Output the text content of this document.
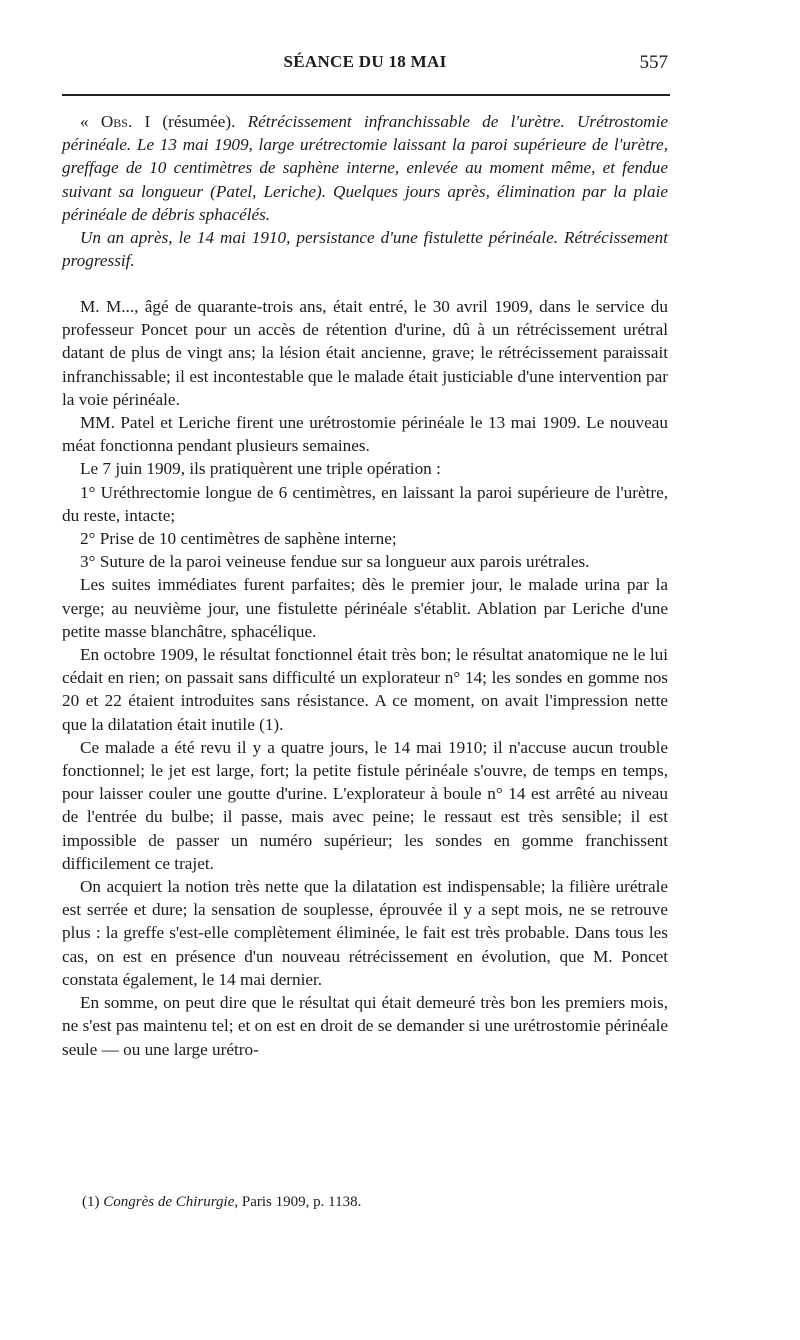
SÉANCE DU 18 MAI	557

« Obs. I (résumée). Rétrécissement infranchissable de l'urètre. Urétrostomie périnéale. Le 13 mai 1909, large urétrectomie laissant la paroi supérieure de l'urètre, greffage de 10 centimètres de saphène interne, enlevée au moment même, et fendue suivant sa longueur (Patel, Leriche). Quelques jours après, élimination par la plaie périnéale de débris sphacélés.

Un an après, le 14 mai 1910, persistance d'une fistulette périnéale. Rétrécissement progressif.

M. M..., âgé de quarante-trois ans, était entré, le 30 avril 1909, dans le service du professeur Poncet pour un accès de rétention d'urine, dû à un rétrécissement urétral datant de plus de vingt ans; la lésion était ancienne, grave; le rétrécissement paraissait infranchissable; il est incontestable que le malade était justiciable d'une intervention par la voie périnéale.

MM. Patel et Leriche firent une urétrostomie périnéale le 13 mai 1909. Le nouveau méat fonctionna pendant plusieurs semaines.

Le 7 juin 1909, ils pratiquèrent une triple opération :

1° Uréthrectomie longue de 6 centimètres, en laissant la paroi supérieure de l'urètre, du reste, intacte;

2° Prise de 10 centimètres de saphène interne;

3° Suture de la paroi veineuse fendue sur sa longueur aux parois urétrales.

Les suites immédiates furent parfaites; dès le premier jour, le malade urina par la verge; au neuvième jour, une fistulette périnéale s'établit. Ablation par Leriche d'une petite masse blanchâtre, sphacélique.

En octobre 1909, le résultat fonctionnel était très bon; le résultat anatomique ne le lui cédait en rien; on passait sans difficulté un explorateur n° 14; les sondes en gomme nos 20 et 22 étaient introduites sans résistance. A ce moment, on avait l'impression nette que la dilatation était inutile (1).

Ce malade a été revu il y a quatre jours, le 14 mai 1910; il n'accuse aucun trouble fonctionnel; le jet est large, fort; la petite fistule périnéale s'ouvre, de temps en temps, pour laisser couler une goutte d'urine. L'explorateur à boule n° 14 est arrêté au niveau de l'entrée du bulbe; il passe, mais avec peine; le ressaut est très sensible; il est impossible de passer un numéro supérieur; les sondes en gomme franchissent difficilement ce trajet.

On acquiert la notion très nette que la dilatation est indispensable; la filière urétrale est serrée et dure; la sensation de souplesse, éprouvée il y a sept mois, ne se retrouve plus : la greffe s'est-elle complètement éliminée, le fait est très probable. Dans tous les cas, on est en présence d'un nouveau rétrécissement en évolution, que M. Poncet constata également, le 14 mai dernier.

En somme, on peut dire que le résultat qui était demeuré très bon les premiers mois, ne s'est pas maintenu tel; et on est en droit de se demander si une urétrostomie périnéale seule — ou une large urétro-

(1) Congrès de Chirurgie, Paris 1909, p. 1138.
